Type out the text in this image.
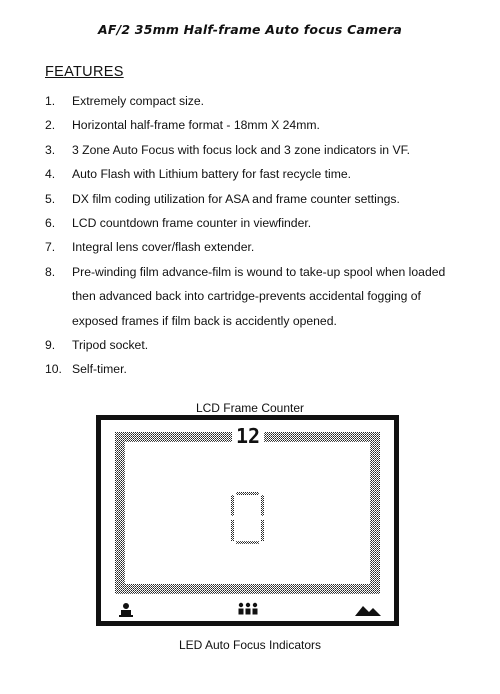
AF/2 35mm Half-frame Auto focus Camera
FEATURES
1.	Extremely compact size.
2.	Horizontal half-frame format - 18mm X 24mm.
3.	3 Zone Auto Focus with focus lock and 3 zone indicators in VF.
4.	Auto Flash with Lithium battery for fast recycle time.
5.	DX film coding utilization for ASA and frame counter settings.
6.	LCD countdown frame counter in viewfinder.
7.	Integral lens cover/flash extender.
8.	Pre-winding film advance-film is wound to take-up spool when loaded
then advanced back into cartridge-prevents accidental fogging of
exposed frames if film back is accidently opened.
9.	Tripod socket.
10. Self-timer.
LCD Frame Counter
12
LED Auto Focus Indicators
